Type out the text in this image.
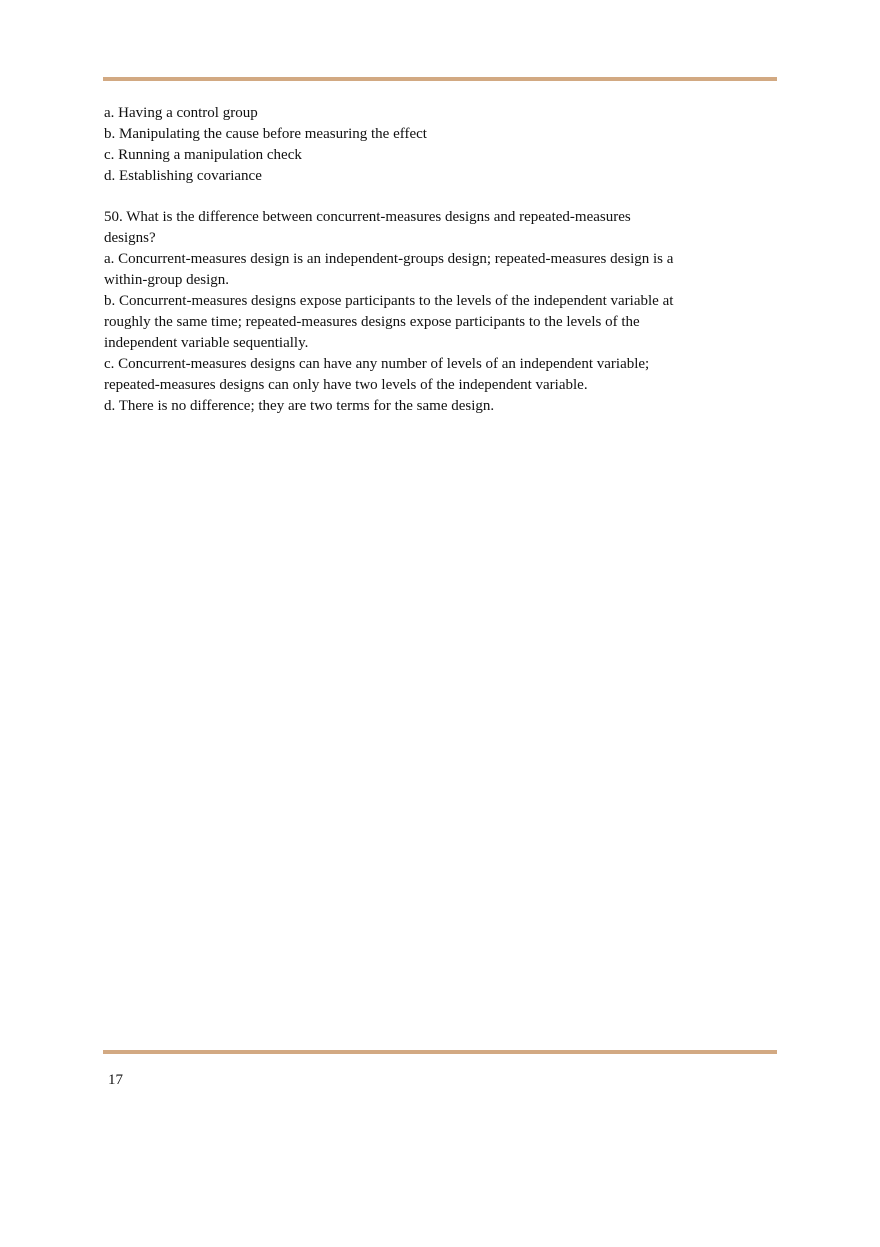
a. Having a control group

b. Manipulating the cause before measuring the effect

c. Running a manipulation check

d. Establishing covariance

50. What is the difference between concurrent-measures designs and repeated-measures designs?

a. Concurrent-measures design is an independent-groups design; repeated-measures design is a within-group design.

b. Concurrent-measures designs expose participants to the levels of the independent variable at roughly the same time; repeated-measures designs expose participants to the levels of the independent variable sequentially.

c. Concurrent-measures designs can have any number of levels of an independent variable; repeated-measures designs can only have two levels of the independent variable.

d. There is no difference; they are two terms for the same design.

17
